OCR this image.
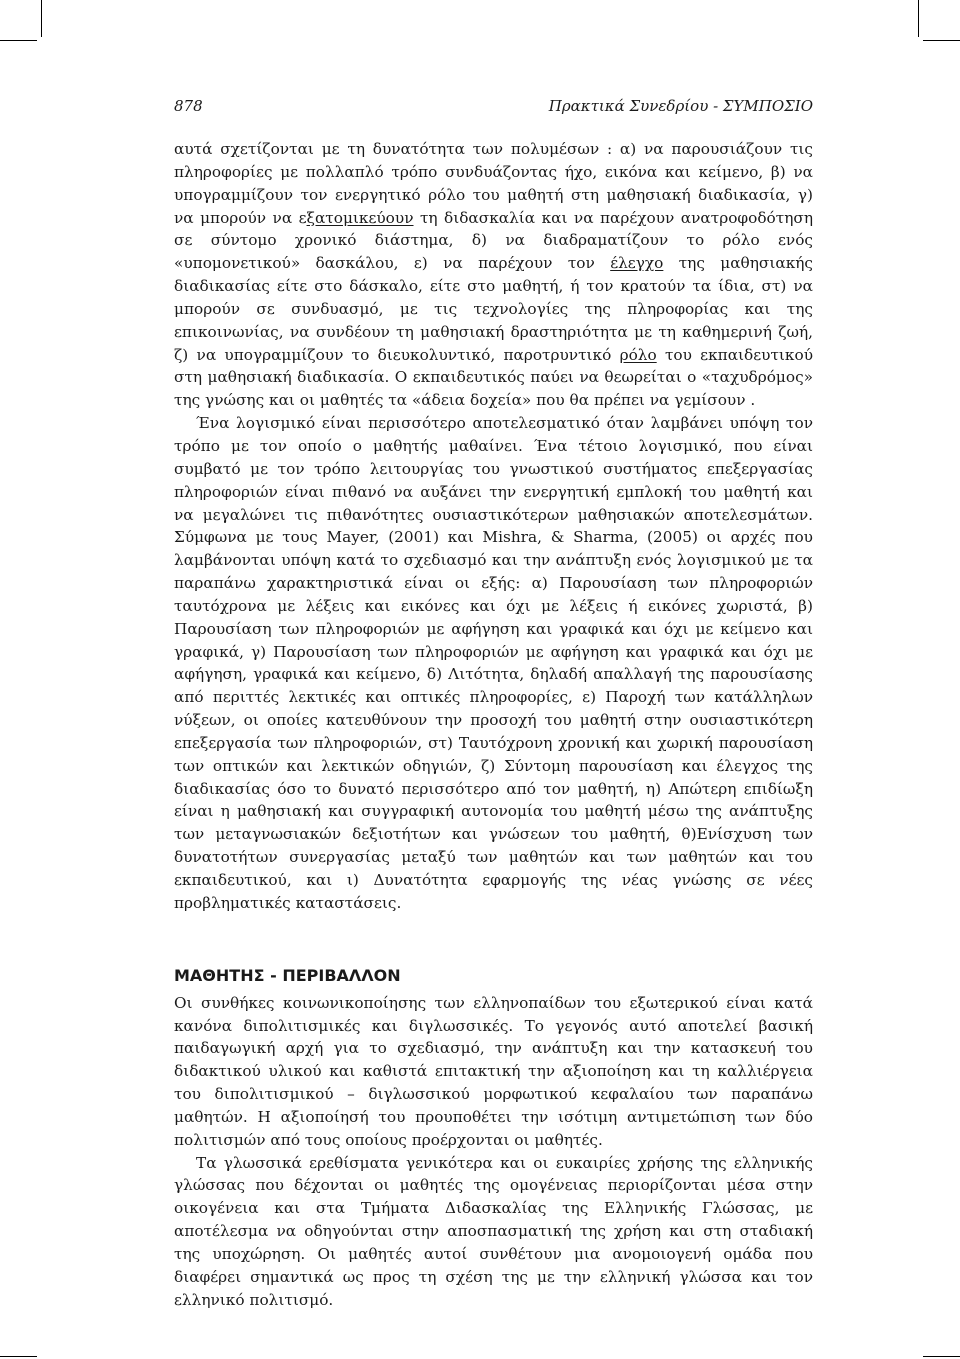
878	Πρακτικά Συνεδρίου - ΣΥΜΠΟΣΙΟ

αυτά σχετίζονται με τη δυνατότητα των πολυμέσων : α) να παρουσιάζουν τις πληροφορίες με πολλαπλό τρόπο συνδυάζοντας ήχο, εικόνα και κείμενο, β) να υπογραμμίζουν τον ενεργητικό ρόλο του μαθητή στη μαθησιακή διαδικασία, γ) να μπορούν να εξατομικεύουν τη διδασκαλία και να παρέχουν ανατροφοδότηση σε σύντομο χρονικό διάστημα, δ) να διαδραματίζουν το ρόλο ενός «υπομονετικού» δασκάλου, ε) να παρέχουν τον έλεγχο της μαθησιακής διαδικασίας είτε στο δάσκαλο, είτε στο μαθητή, ή τον κρατούν τα ίδια, στ) να μπορούν σε συνδυασμό, με τις τεχνολογίες της πληροφορίας και της επικοινωνίας, να συνδέουν τη μαθησιακή δραστηριότητα με τη καθημερινή ζωή, ζ) να υπογραμμίζουν το διευκολυντικό, παροτρυντικό ρόλο του εκπαιδευτικού στη μαθησιακή διαδικασία. Ο εκπαιδευτικός παύει να θεωρείται ο «ταχυδρόμος» της γνώσης και οι μαθητές τα «άδεια δοχεία» που θα πρέπει να γεμίσουν .

Ένα λογισμικό είναι περισσότερο αποτελεσματικό όταν λαμβάνει υπόψη τον τρόπο με τον οποίο ο μαθητής μαθαίνει. Ένα τέτοιο λογισμικό, που είναι συμβατό με τον τρόπο λειτουργίας του γνωστικού συστήματος επεξεργασίας πληροφοριών είναι πιθανό να αυξάνει την ενεργητική εμπλοκή του μαθητή και να μεγαλώνει τις πιθανότητες ουσιαστικότερων μαθησιακών αποτελεσμάτων. Σύμφωνα με τους Mayer, (2001) και Mishra, & Sharma, (2005) οι αρχές που λαμβάνονται υπόψη κατά το σχεδιασμό και την ανάπτυξη ενός λογισμικού με τα παραπάνω χαρακτηριστικά είναι οι εξής: α) Παρουσίαση των πληροφοριών ταυτόχρονα με λέξεις και εικόνες και όχι με λέξεις ή εικόνες χωριστά, β) Παρουσίαση των πληροφοριών με αφήγηση και γραφικά και όχι με κείμενο και γραφικά, γ) Παρουσίαση των πληροφοριών με αφήγηση και γραφικά και όχι με αφήγηση, γραφικά και κείμενο, δ) Λιτότητα, δηλαδή απαλλαγή της παρουσίασης από περιττές λεκτικές και οπτικές πληροφορίες, ε) Παροχή των κατάλληλων νύξεων, οι οποίες κατευθύνουν την προσοχή του μαθητή στην ουσιαστικότερη επεξεργασία των πληροφοριών, στ) Ταυτόχρονη χρονική και χωρική παρουσίαση των οπτικών και λεκτικών οδηγιών, ζ) Σύντομη παρουσίαση και έλεγχος της διαδικασίας όσο το δυνατό περισσότερο από τον μαθητή, η) Απώτερη επιδίωξη είναι η μαθησιακή και συγγραφική αυτονομία του μαθητή μέσω της ανάπτυξης των μεταγνωσιακών δεξιοτήτων και γνώσεων του μαθητή, θ)Ενίσχυση των δυνατοτήτων συνεργασίας μεταξύ των μαθητών και των μαθητών και του εκπαιδευτικού, και ι) Δυνατότητα εφαρμογής της νέας γνώσης σε νέες προβληματικές καταστάσεις.

ΜΑΘΗΤΗΣ - ΠΕΡΙΒΑΛΛΟΝ

Οι συνθήκες κοινωνικοποίησης των ελληνοπαίδων του εξωτερικού είναι κατά κανόνα διπολιτισμικές και διγλωσσικές. Το γεγονός αυτό αποτελεί βασική παιδαγωγική αρχή για το σχεδιασμό, την ανάπτυξη και την κατασκευή του διδακτικού υλικού και καθιστά επιτακτική την αξιοποίηση και τη καλλιέργεια του διπολιτισμικού – διγλωσσικού μορφωτικού κεφαλαίου των παραπάνω μαθητών. Η αξιοποίησή του προυποθέτει την ισότιμη αντιμετώπιση των δύο πολιτισμών από τους οποίους προέρχονται οι μαθητές.

Τα γλωσσικά ερεθίσματα γενικότερα και οι ευκαιρίες χρήσης της ελληνικής γλώσσας που δέχονται οι μαθητές της ομογένειας περιορίζονται μέσα στην οικογένεια και στα Τμήματα Διδασκαλίας της Ελληνικής Γλώσσας, με αποτέλεσμα να οδηγούνται στην αποσπασματική της χρήση και στη σταδιακή της υποχώρηση. Οι μαθητές αυτοί συνθέτουν μια ανομοιογενή ομάδα που διαφέρει σημαντικά ως προς τη σχέση της με την ελληνική γλώσσα και τον ελληνικό πολιτισμό.
